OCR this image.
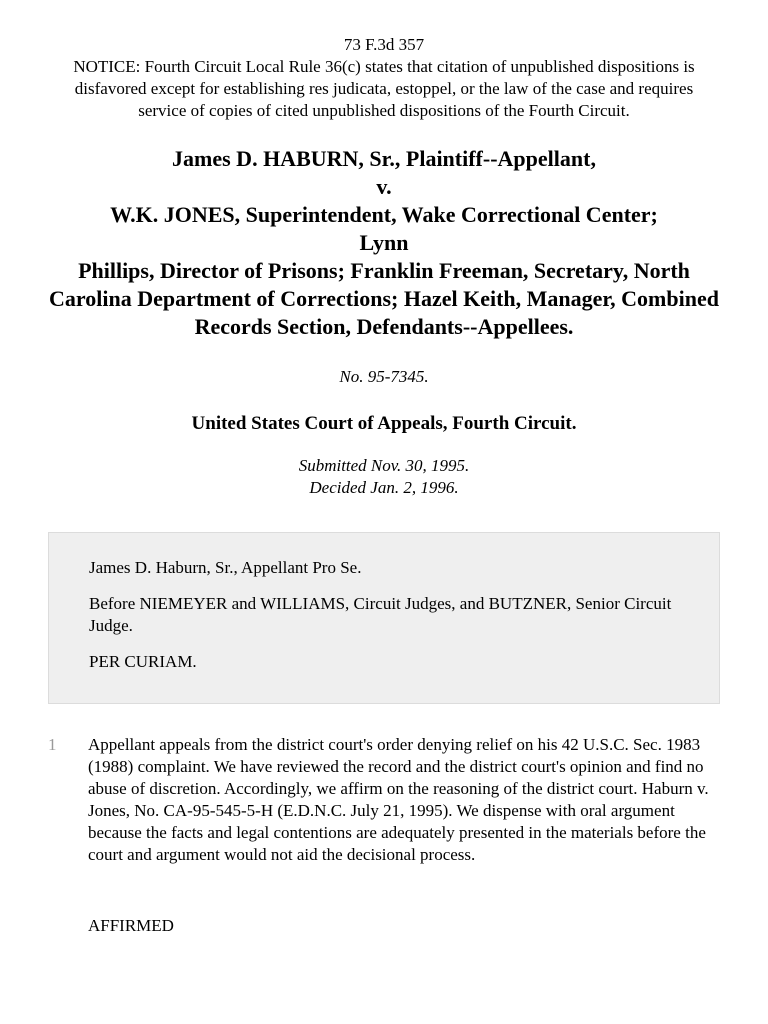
73 F.3d 357
NOTICE: Fourth Circuit Local Rule 36(c) states that citation of unpublished dispositions is disfavored except for establishing res judicata, estoppel, or the law of the case and requires service of copies of cited unpublished dispositions of the Fourth Circuit.
James D. HABURN, Sr., Plaintiff--Appellant,
v.
W.K. JONES, Superintendent, Wake Correctional Center;
Lynn
Phillips, Director of Prisons; Franklin Freeman, Secretary, North Carolina Department of Corrections; Hazel Keith, Manager, Combined Records Section, Defendants--Appellees.
No. 95-7345.
United States Court of Appeals, Fourth Circuit.
Submitted Nov. 30, 1995.
Decided Jan. 2, 1996.

James D. Haburn, Sr., Appellant Pro Se.

Before NIEMEYER and WILLIAMS, Circuit Judges, and BUTZNER, Senior Circuit Judge.

PER CURIAM.

1 Appellant appeals from the district court's order denying relief on his 42 U.S.C. Sec. 1983 (1988) complaint. We have reviewed the record and the district court's opinion and find no abuse of discretion. Accordingly, we affirm on the reasoning of the district court. Haburn v. Jones, No. CA-95-545-5-H (E.D.N.C. July 21, 1995). We dispense with oral argument because the facts and legal contentions are adequately presented in the materials before the court and argument would not aid the decisional process.
AFFIRMED
